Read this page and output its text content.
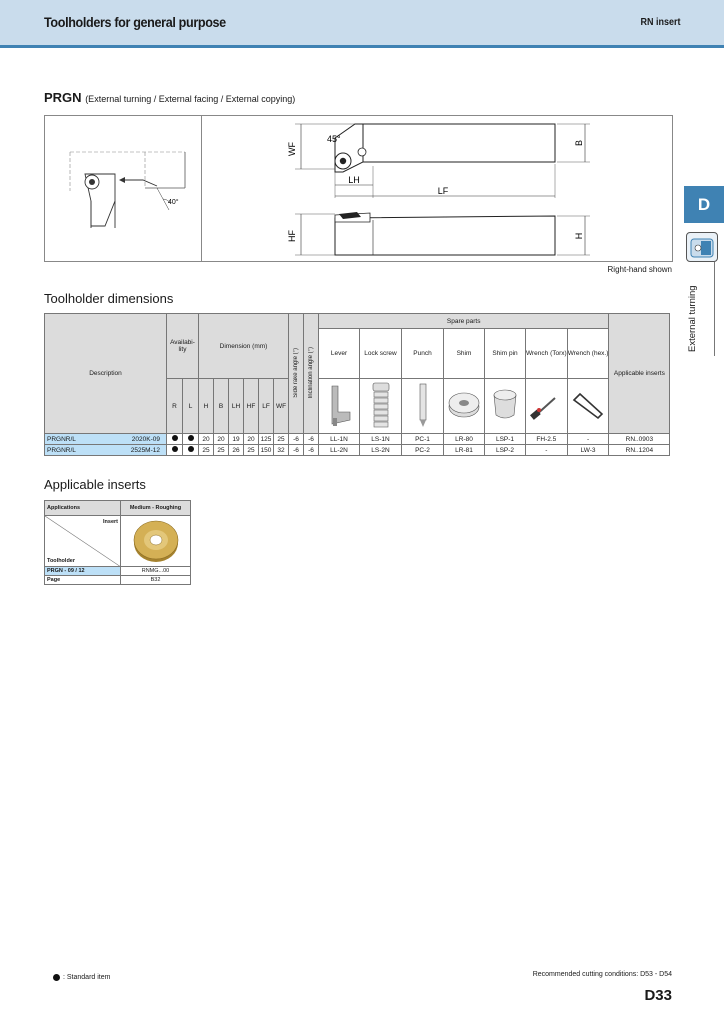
Toolholders for general purpose	RN insert
PRGN (External turning / External facing / External copying)
40°
45°
WF	B
LH
LF
HF	H
Right-hand shown
Toolholder dimensions
Description	Availabi-lity		Dimension (mm)						Side rake angle (°)	Inclination angle (°)	Spare parts							Applicable inserts
											Lever	Lock screw	Punch	Shim	Shim pin	Wrench (Torx)	Wrench (hex.)	
	R	L	H	B	LH	HF	LF	WF							

PRGNR/L 2020K-09			20	20	19	20	125	25	-6	-6	LL-1N	LS-1N	PC-1	LR-80	LSP-1	FH-2.5	-	RN..0903

PRGNR/L 2525M-12			25	25	26	25	150	32	-6	-6	LL-2N	LS-2N	PC-2	LR-81	LSP-2	-	LW-3	RN..1204
Applicable inserts
Applications	Medium - Roughing

Insert
Toolholder

PRGN - 09 / 12	RNMG...00
Page	B32
D
External turning
: Standard item	Recommended cutting conditions: D53 - D54
D33
